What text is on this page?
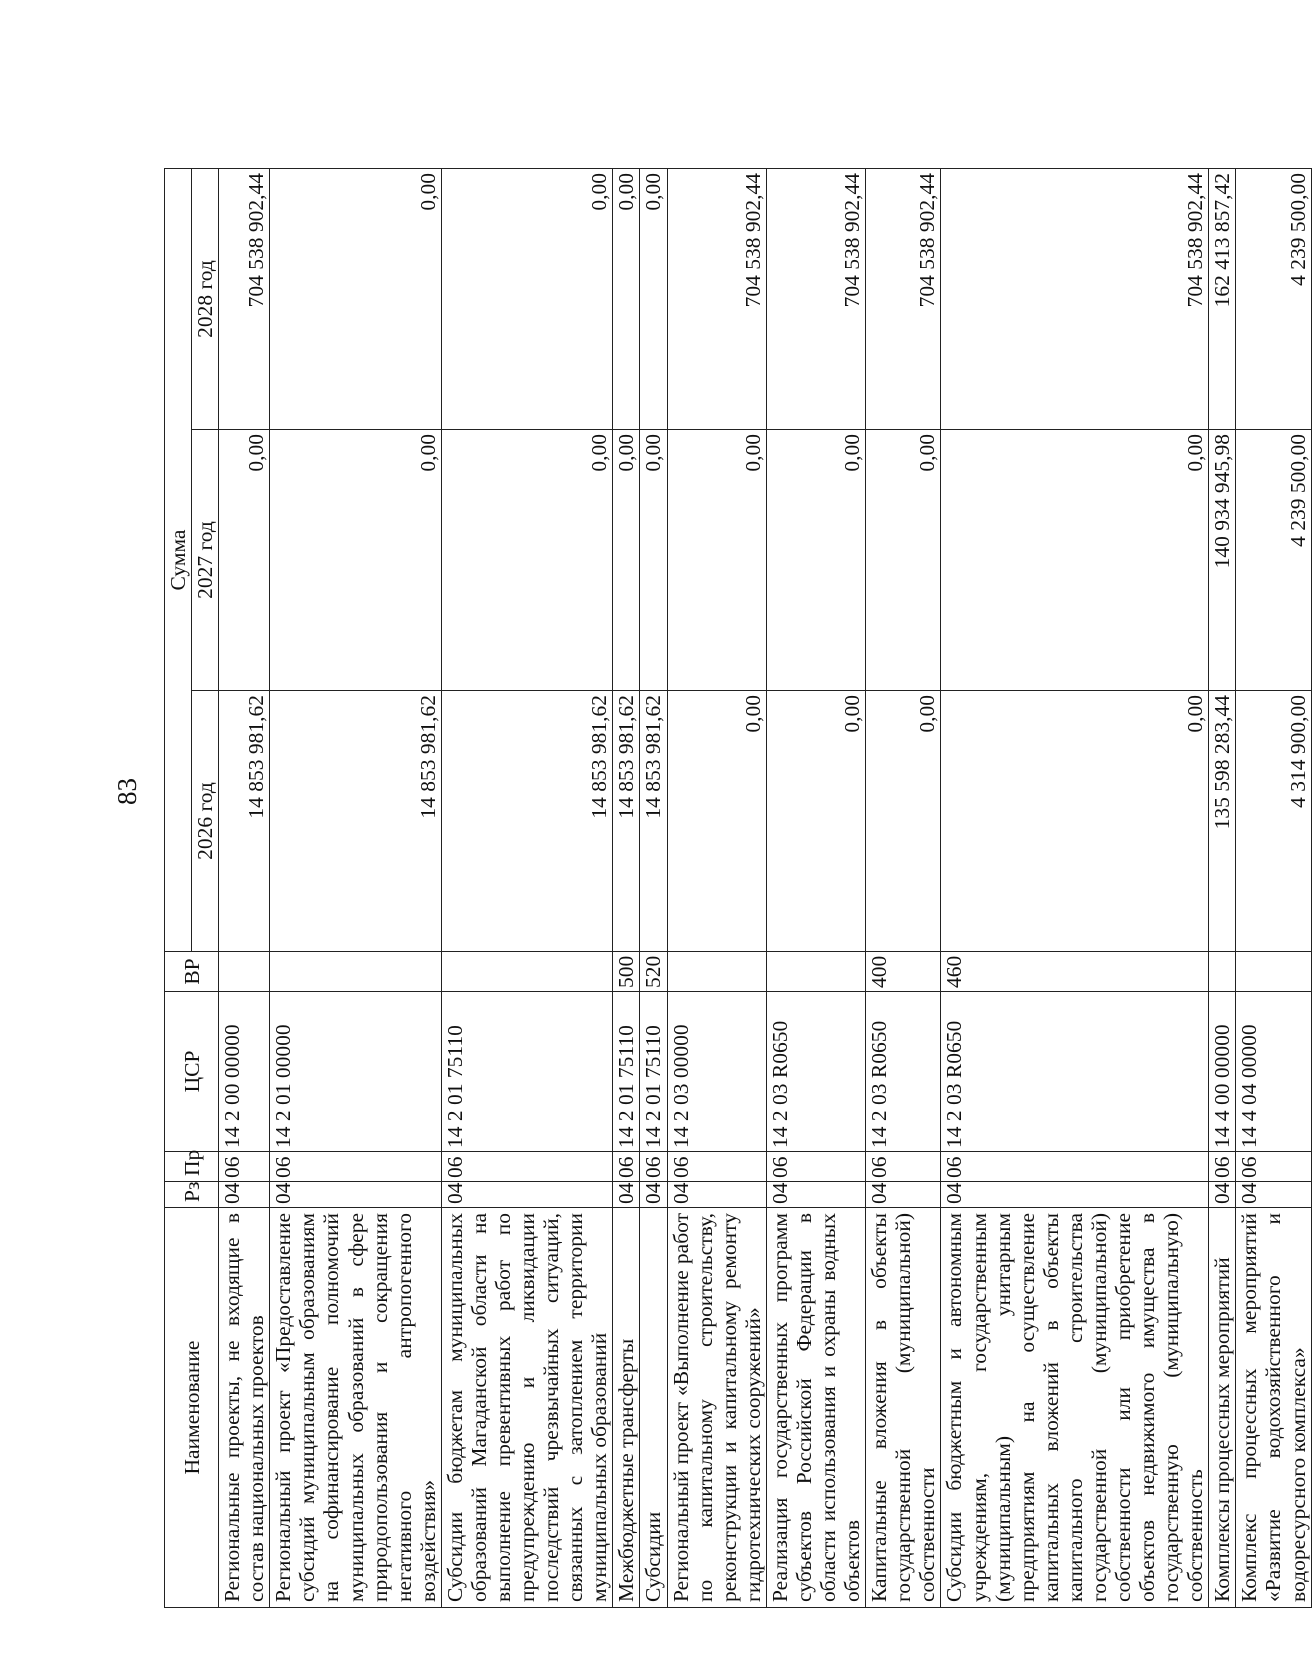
83
Наименование	Рз	Пр	ЦСР	ВР	Сумма		
					2026 год	2027 год	2028 год
Региональные проекты, не входящие в состав национальных проектов	04	06	14 2 00 00000		14 853 981,62	0,00	704 538 902,44
Региональный проект «Предоставление субсидий муниципальным образованиям на софинансирование полномочий муниципальных образований в сфере природопользования и сокращения негативного антропогенного воздействия»	04	06	14 2 01 00000		14 853 981,62	0,00	0,00
Субсидии бюджетам муниципальных образований Магаданской области на выполнение превентивных работ по предупреждению и ликвидации последствий чрезвычайных ситуаций, связанных с затоплением территории муниципальных образований	04	06	14 2 01 75110		14 853 981,62	0,00	0,00
Межбюджетные трансферты	04	06	14 2 01 75110	500	14 853 981,62	0,00	0,00
Субсидии	04	06	14 2 01 75110	520	14 853 981,62	0,00	0,00
Региональный проект «Выполнение работ по капитальному строительству, реконструкции и капитальному ремонту гидротехнических сооружений»	04	06	14 2 03 00000		0,00	0,00	704 538 902,44
Реализация государственных программ субъектов Российской Федерации в области использования и охраны водных объектов	04	06	14 2 03 R0650		0,00	0,00	704 538 902,44
Капитальные вложения в объекты государственной (муниципальной) собственности	04	06	14 2 03 R0650	400	0,00	0,00	704 538 902,44
Субсидии бюджетным и автономным учреждениям, государственным (муниципальным) унитарным предприятиям на осуществление капитальных вложений в объекты капитального строительства государственной (муниципальной) собственности или приобретение объектов недвижимого имущества в государственную (муниципальную) собственность	04	06	14 2 03 R0650	460	0,00	0,00	704 538 902,44
Комплексы процессных мероприятий	04	06	14 4 00 00000		135 598 283,44	140 934 945,98	162 413 857,42
Комплекс процессных мероприятий «Развитие водохозяйственного и водоресурсного комплекса»	04	06	14 4 04 00000		4 314 900,00	4 239 500,00	4 239 500,00
